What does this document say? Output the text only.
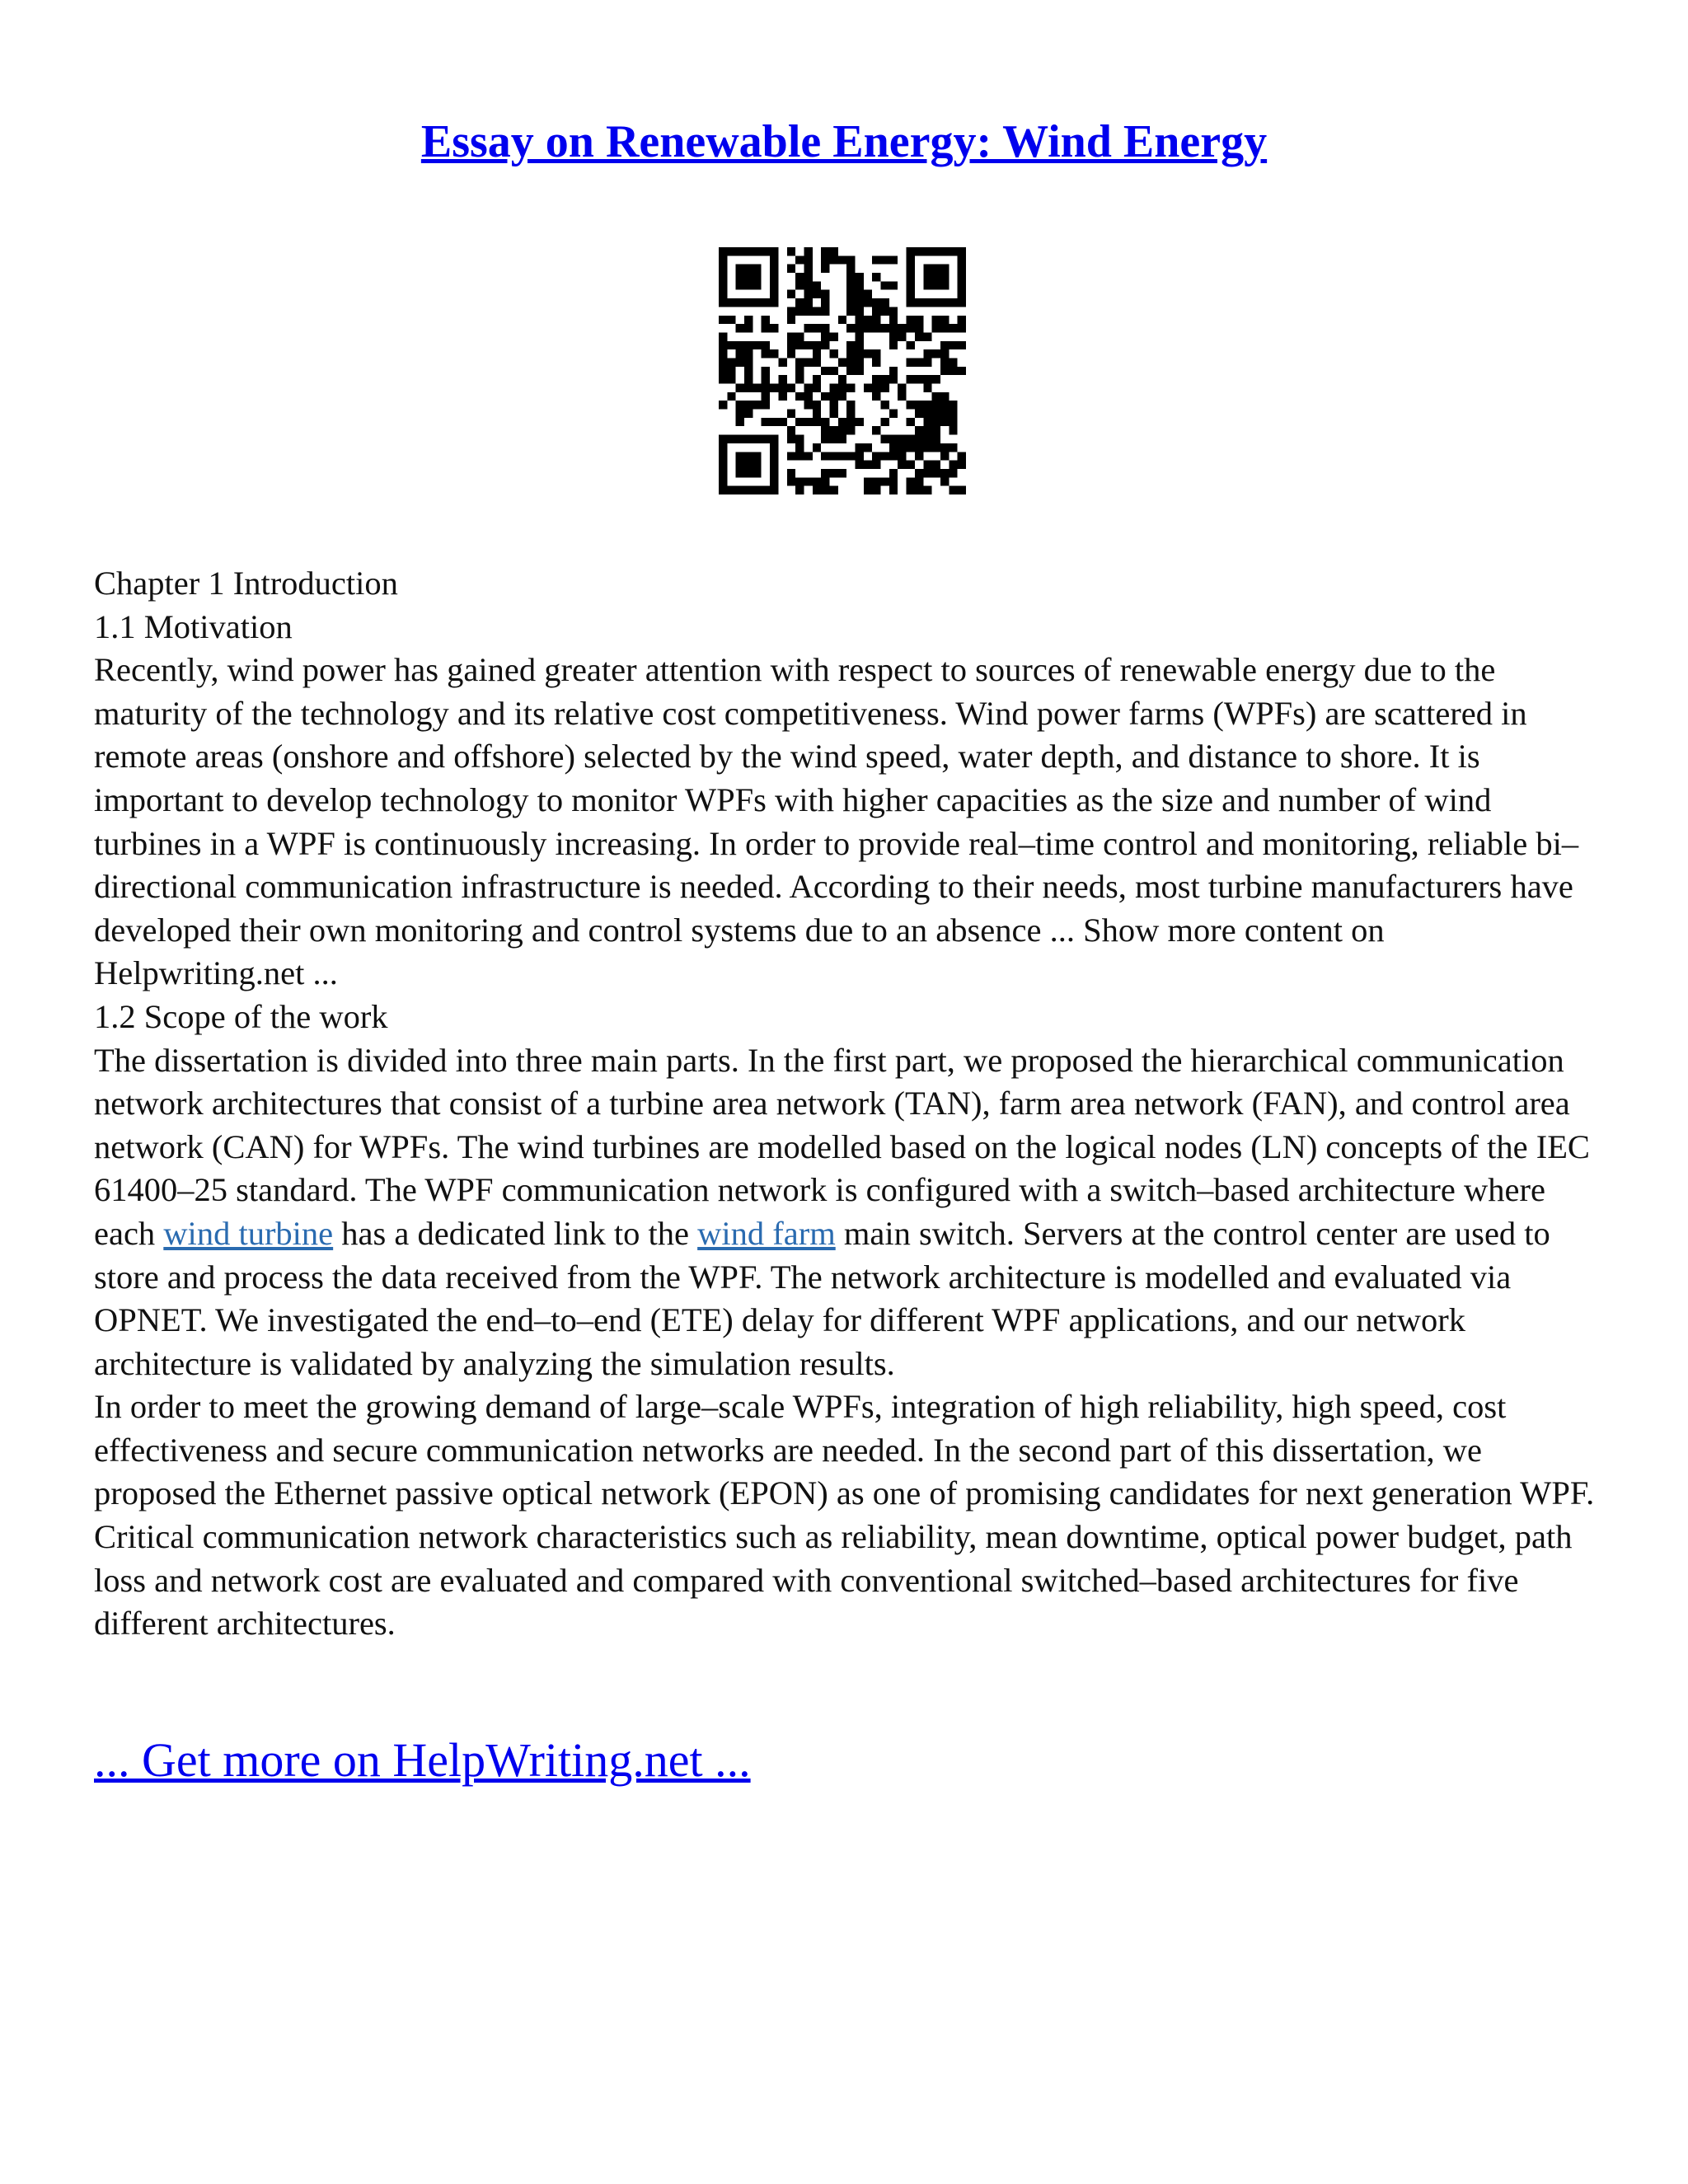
Essay on Renewable Energy: Wind Energy

Chapter 1 Introduction

1.1 Motivation

Recently, wind power has gained greater attention with respect to sources of renewable energy due to the maturity of the technology and its relative cost competitiveness. Wind power farms (WPFs) are scattered in remote areas (onshore and offshore) selected by the wind speed, water depth, and distance to shore. It is important to develop technology to monitor WPFs with higher capacities as the size and number of wind turbines in a WPF is continuously increasing. In order to provide real–time control and monitoring, reliable bi–directional communication infrastructure is needed. According to their needs, most turbine manufacturers have developed their own monitoring and control systems due to an absence ... Show more content on Helpwriting.net ...

1.2 Scope of the work

The dissertation is divided into three main parts. In the first part, we proposed the hierarchical communication network architectures that consist of a turbine area network (TAN), farm area network (FAN), and control area network (CAN) for WPFs. The wind turbines are modelled based on the logical nodes (LN) concepts of the IEC 61400–25 standard. The WPF communication network is configured with a switch–based architecture where each wind turbine has a dedicated link to the wind farm main switch. Servers at the control center are used to store and process the data received from the WPF. The network architecture is modelled and evaluated via OPNET. We investigated the end–to–end (ETE) delay for different WPF applications, and our network architecture is validated by analyzing the simulation results.

In order to meet the growing demand of large–scale WPFs, integration of high reliability, high speed, cost effectiveness and secure communication networks are needed. In the second part of this dissertation, we proposed the Ethernet passive optical network (EPON) as one of promising candidates for next generation WPF. Critical communication network characteristics such as reliability, mean downtime, optical power budget, path loss and network cost are evaluated and compared with conventional switched–based architectures for five different architectures.

... Get more on HelpWriting.net ...
